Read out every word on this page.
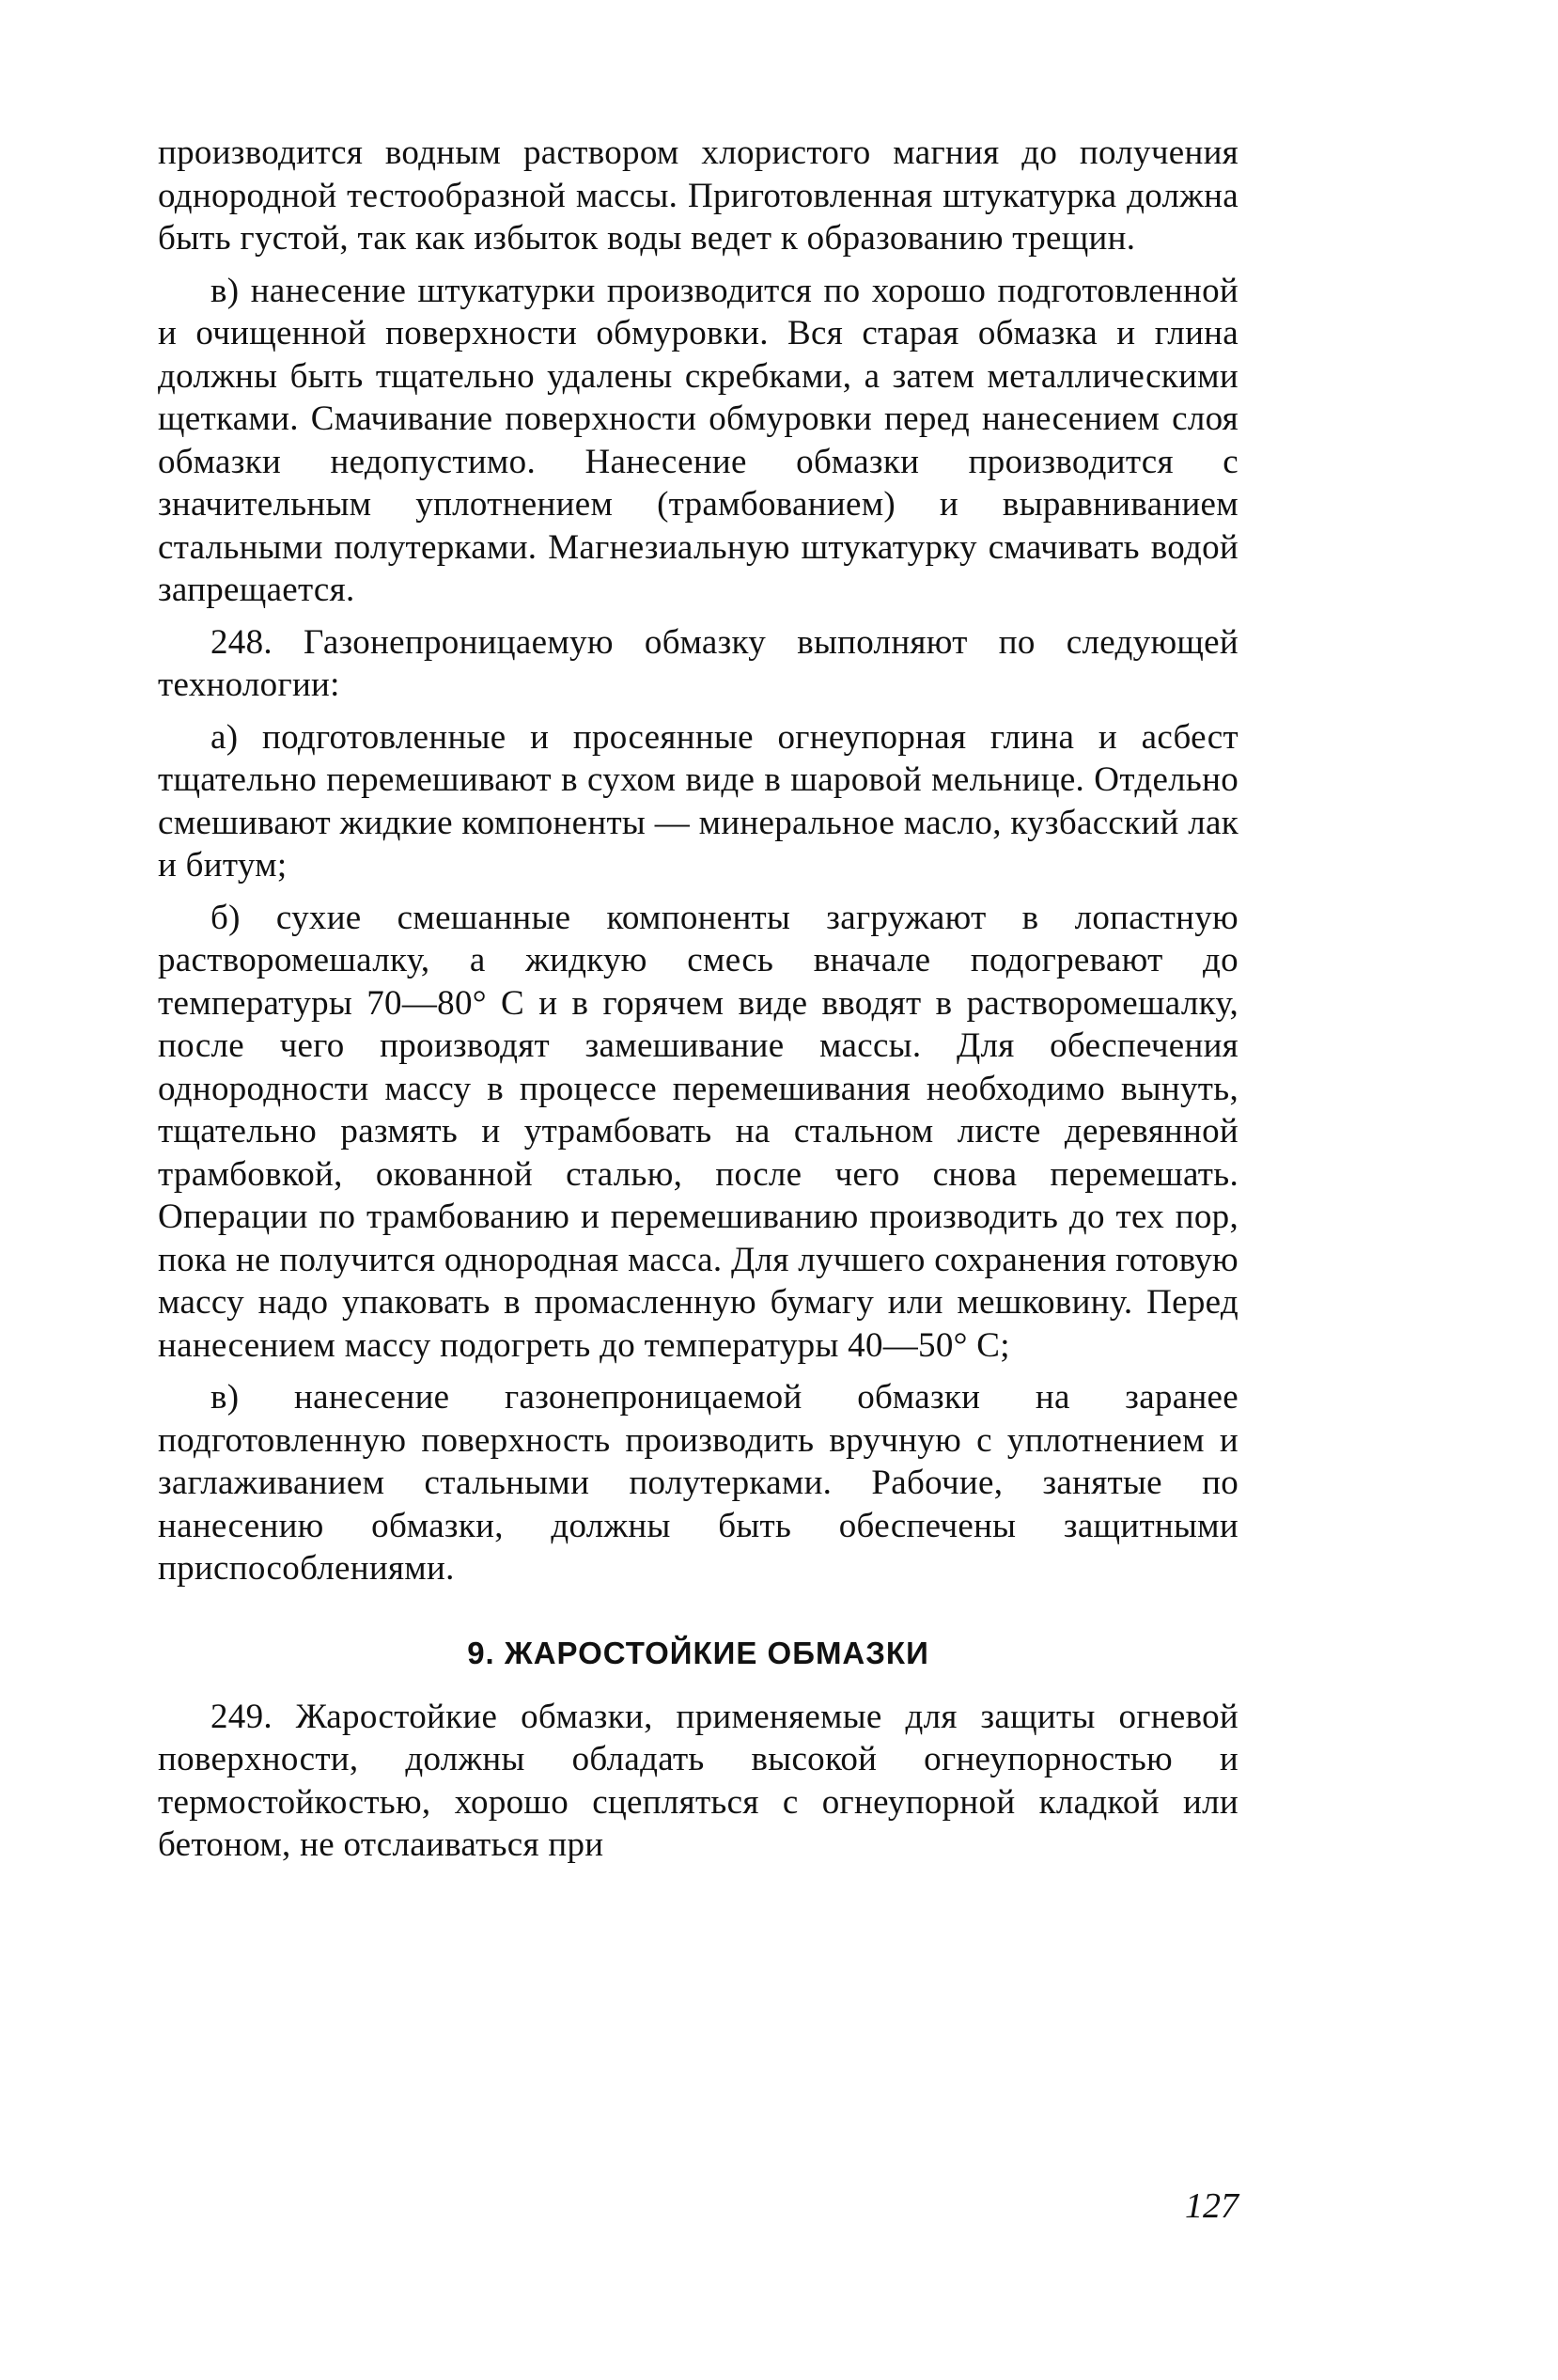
производится водным раствором хлористого магния до получения однородной тестообразной массы. Приготовленная штукатурка должна быть густой, так как избыток воды ведет к образованию трещин.

в) нанесение штукатурки производится по хорошо подготовленной и очищенной поверхности обмуровки. Вся старая обмазка и глина должны быть тщательно удалены скребками, а затем металлическими щетками. Смачивание поверхности обмуровки перед нанесением слоя обмазки недопустимо. Нанесение обмазки производится с значительным уплотнением (трамбованием) и выравниванием стальными полутерками. Магнезиальную штукатурку смачивать водой запрещается.

248. Газонепроницаемую обмазку выполняют по следующей технологии:

а) подготовленные и просеянные огнеупорная глина и асбест тщательно перемешивают в сухом виде в шаровой мельнице. Отдельно смешивают жидкие компоненты — минеральное масло, кузбасский лак и битум;

б) сухие смешанные компоненты загружают в лопастную растворомешалку, а жидкую смесь вначале подогревают до температуры 70—80° С и в горячем виде вводят в растворомешалку, после чего производят замешивание массы. Для обеспечения однородности массу в процессе перемешивания необходимо вынуть, тщательно размять и утрамбовать на стальном листе деревянной трамбовкой, окованной сталью, после чего снова перемешать. Операции по трамбованию и перемешиванию производить до тех пор, пока не получится однородная масса. Для лучшего сохранения готовую массу надо упаковать в промасленную бумагу или мешковину. Перед нанесением массу подогреть до температуры 40—50° С;

в) нанесение газонепроницаемой обмазки на заранее подготовленную поверхность производить вручную с уплотнением и заглаживанием стальными полутерками. Рабочие, занятые по нанесению обмазки, должны быть обеспечены защитными приспособлениями.

9. ЖАРОСТОЙКИЕ ОБМАЗКИ

249. Жаростойкие обмазки, применяемые для защиты огневой поверхности, должны обладать высокой огнеупорностью и термостойкостью, хорошо сцепляться с огнеупорной кладкой или бетоном, не отслаиваться при

127
